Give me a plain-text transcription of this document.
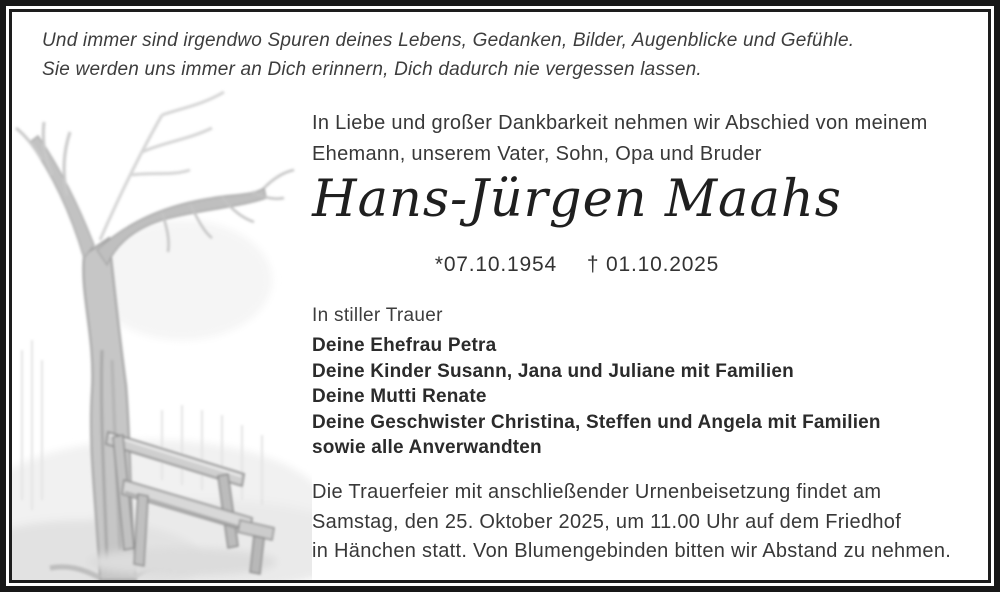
Und immer sind irgendwo Spuren deines Lebens, Gedanken, Bilder, Augenblicke und Gefühle.
Sie werden uns immer an Dich erinnern, Dich dadurch nie vergessen lassen.
In Liebe und großer Dankbarkeit nehmen wir Abschied von meinem
Ehemann, unserem Vater, Sohn, Opa und Bruder
Hans-Jürgen Maahs
*07.10.1954 † 01.10.2025
In stiller Trauer
Deine Ehefrau Petra
Deine Kinder Susann, Jana und Juliane mit Familien
Deine Mutti Renate
Deine Geschwister Christina, Steffen und Angela mit Familien
sowie alle Anverwandten
Die Trauerfeier mit anschließender Urnenbeisetzung findet am
Samstag, den 25. Oktober 2025, um 11.00 Uhr auf dem Friedhof
in Hänchen statt. Von Blumengebinden bitten wir Abstand zu nehmen.
